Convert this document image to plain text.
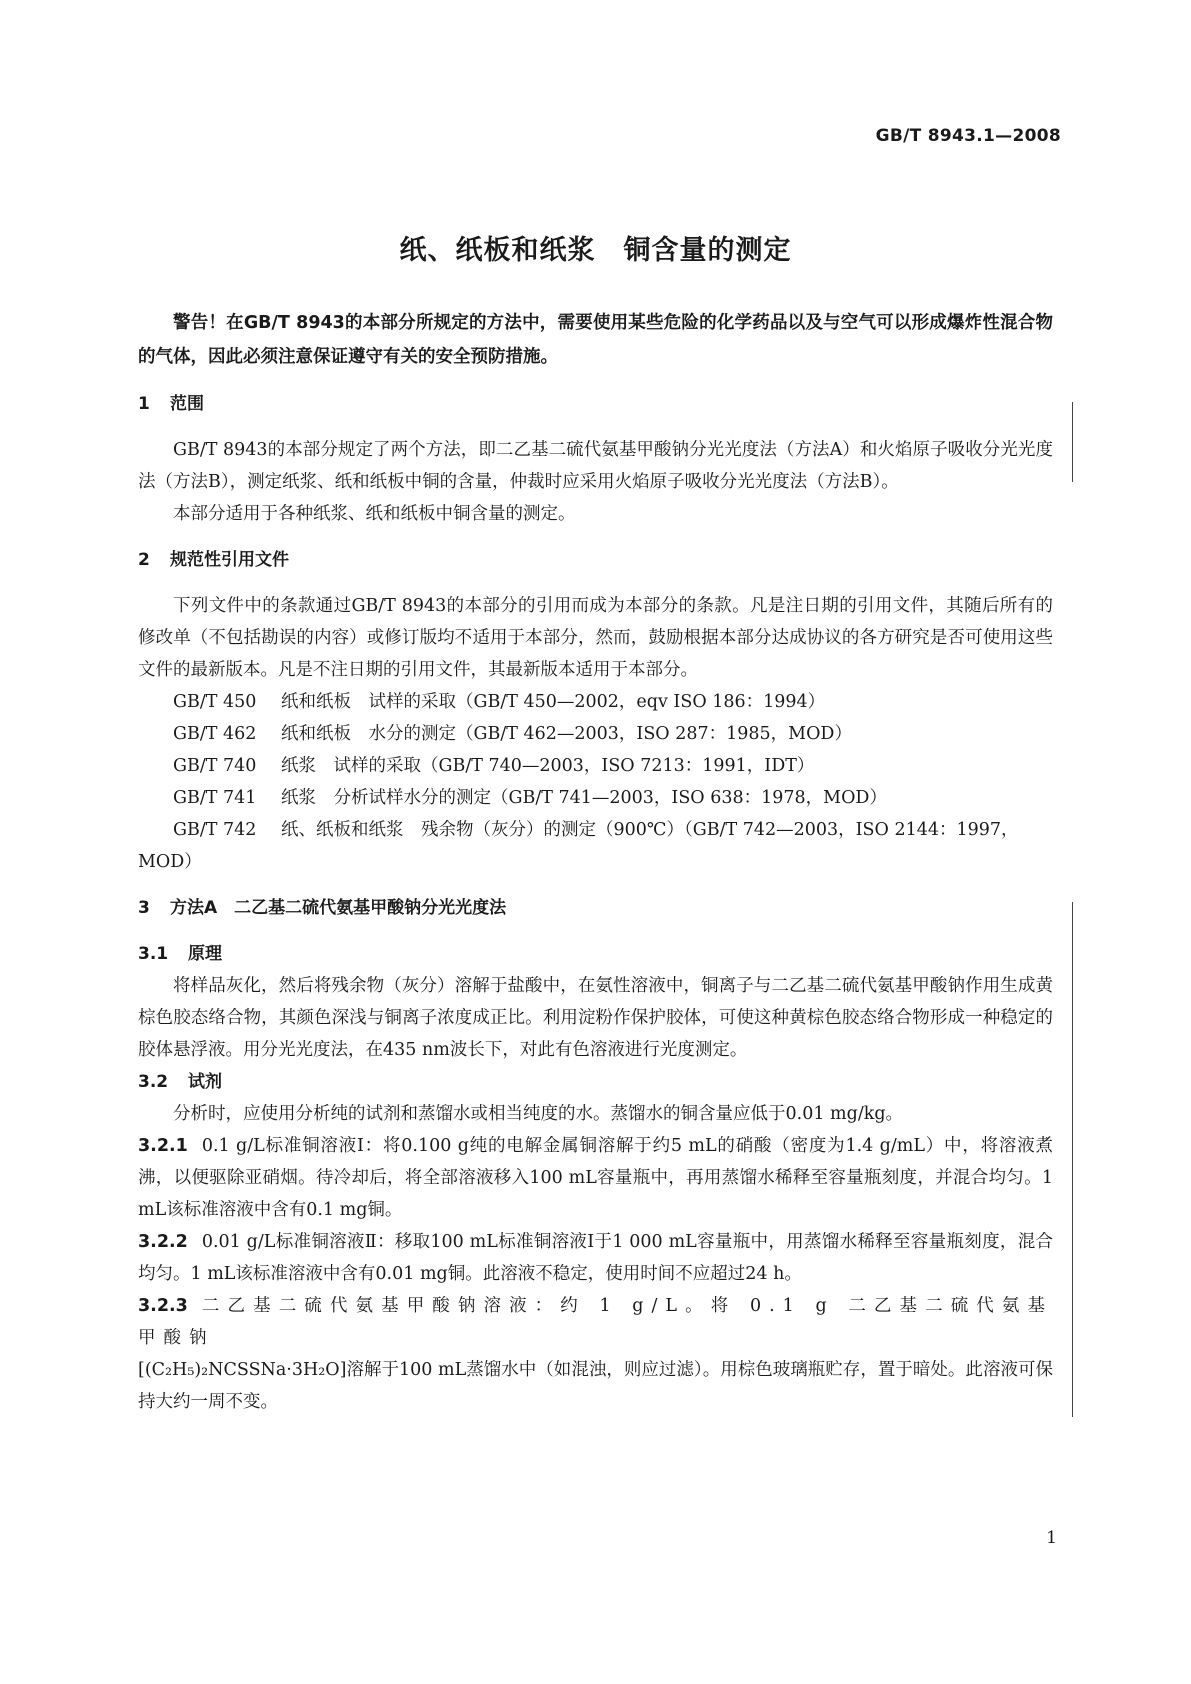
GB/T 8943.1—2008
纸、纸板和纸浆　铜含量的测定

警告！在GB/T 8943的本部分所规定的方法中，需要使用某些危险的化学药品以及与空气可以形成爆炸性混合物的气体，因此必须注意保证遵守有关的安全预防措施。

1 范围

GB/T 8943的本部分规定了两个方法，即二乙基二硫代氨基甲酸钠分光光度法（方法A）和火焰原子吸收分光光度法（方法B），测定纸浆、纸和纸板中铜的含量，仲裁时应采用火焰原子吸收分光光度法（方法B）。

本部分适用于各种纸浆、纸和纸板中铜含量的测定。

2 规范性引用文件

下列文件中的条款通过GB/T 8943的本部分的引用而成为本部分的条款。凡是注日期的引用文件，其随后所有的修改单（不包括勘误的内容）或修订版均不适用于本部分，然而，鼓励根据本部分达成协议的各方研究是否可使用这些文件的最新版本。凡是不注日期的引用文件，其最新版本适用于本部分。

GB/T 450 纸和纸板　试样的采取（GB/T 450—2002，eqv ISO 186：1994）

GB/T 462 纸和纸板　水分的测定（GB/T 462—2003，ISO 287：1985，MOD）

GB/T 740 纸浆　试样的采取（GB/T 740—2003，ISO 7213：1991，IDT）

GB/T 741 纸浆　分析试样水分的测定（GB/T 741—2003，ISO 638：1978，MOD）

GB/T 742 纸、纸板和纸浆　残余物（灰分）的测定（900℃）（GB/T 742—2003，ISO 2144：1997，MOD）

3 方法A　二乙基二硫代氨基甲酸钠分光光度法
3.1 原理

将样品灰化，然后将残余物（灰分）溶解于盐酸中，在氨性溶液中，铜离子与二乙基二硫代氨基甲酸钠作用生成黄棕色胶态络合物，其颜色深浅与铜离子浓度成正比。利用淀粉作保护胶体，可使这种黄棕色胶态络合物形成一种稳定的胶体悬浮液。用分光光度法，在435 nm波长下，对此有色溶液进行光度测定。

3.2 试剂

分析时，应使用分析纯的试剂和蒸馏水或相当纯度的水。蒸馏水的铜含量应低于0.01 mg/kg。

3.2.1 0.1 g/L标准铜溶液Ⅰ：将0.100 g纯的电解金属铜溶解于约5 mL的硝酸（密度为1.4 g/mL）中，将溶液煮沸，以便驱除亚硝烟。待冷却后，将全部溶液移入100 mL容量瓶中，再用蒸馏水稀释至容量瓶刻度，并混合均匀。1 mL该标准溶液中含有0.1 mg铜。

3.2.2 0.01 g/L标准铜溶液Ⅱ：移取100 mL标准铜溶液Ⅰ于1 000 mL容量瓶中，用蒸馏水稀释至容量瓶刻度，混合均匀。1 mL该标准溶液中含有0.01 mg铜。此溶液不稳定，使用时间不应超过24 h。

3.2.3 二乙基二硫代氨基甲酸钠溶液：约 1 g/L。将 0.1 g 二乙基二硫代氨基甲酸钠
[(C₂H₅)₂NCSSNa·3H₂O]溶解于100 mL蒸馏水中（如混浊，则应过滤）。用棕色玻璃瓶贮存，置于暗处。此溶液可保持大约一周不变。

1
